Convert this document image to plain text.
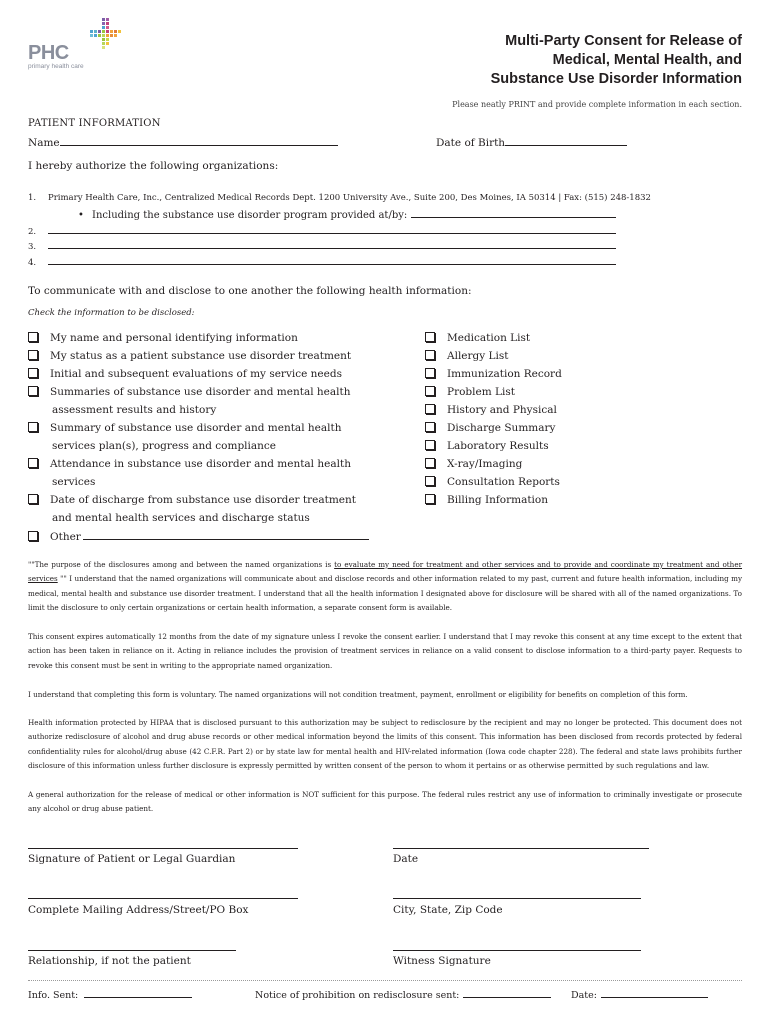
PHC
primary health care
Multi-Party Consent for Release of
Medical, Mental Health, and
Substance Use Disorder Information
Please neatly PRINT and provide complete information in each section.
PATIENT INFORMATION
Name	Date of Birth
I hereby authorize the following organizations:
1. Primary Health Care, Inc., Centralized Medical Records Dept. 1200 University Ave., Suite 200, Des Moines, IA 50314 | Fax: (515) 248-1832
• Including the substance use disorder program provided at/by:
2.
3.
4.
To communicate with and disclose to one another the following health information:
Check the information to be disclosed:
My name and personal identifying information
My status as a patient substance use disorder treatment
Initial and subsequent evaluations of my service needs
Summaries of substance use disorder and mental health
assessment results and history
Summary of substance use disorder and mental health
services plan(s), progress and compliance
Attendance in substance use disorder and mental health
services
Date of discharge from substance use disorder treatment
and mental health services and discharge status
Other
Medication List
Allergy List
Immunization Record
Problem List
History and Physical
Discharge Summary
Laboratory Results
X-ray/Imaging
Consultation Reports
Billing Information
""The purpose of the disclosures among and between the named organizations is to evaluate my need for treatment and other services and to provide and coordinate my treatment and other services "" I understand that the named organizations will communicate about and disclose records and other information related to my past, current and future health information, including my medical, mental health and substance use disorder treatment. I understand that all the health information I designated above for disclosure will be shared with all of the named organizations. To limit the disclosure to only certain organizations or certain health information, a separate consent form is available.
This consent expires automatically 12 months from the date of my signature unless I revoke the consent earlier. I understand that I may revoke this consent at any time except to the extent that action has been taken in reliance on it. Acting in reliance includes the provision of treatment services in reliance on a valid consent to disclose information to a third-party payer. Requests to revoke this consent must be sent in writing to the appropriate named organization.
I understand that completing this form is voluntary. The named organizations will not condition treatment, payment, enrollment or eligibility for benefits on completion of this form.
Health information protected by HIPAA that is disclosed pursuant to this authorization may be subject to redisclosure by the recipient and may no longer be protected. This document does not authorize redisclosure of alcohol and drug abuse records or other medical information beyond the limits of this consent. This information has been disclosed from records protected by federal confidentiality rules for alcohol/drug abuse (42 C.F.R. Part 2) or by state law for mental health and HIV-related information (Iowa code chapter 228). The federal and state laws prohibits further disclosure of this information unless further disclosure is expressly permitted by written consent of the person to whom it pertains or as otherwise permitted by such regulations and law.
A general authorization for the release of medical or other information is NOT sufficient for this purpose. The federal rules restrict any use of information to criminally investigate or prosecute any alcohol or drug abuse patient.
Signature of Patient or Legal Guardian	Date
Complete Mailing Address/Street/PO Box	City, State, Zip Code
Relationship, if not the patient	Witness Signature
Info. Sent:	Notice of prohibition on redisclosure sent:	Date:
